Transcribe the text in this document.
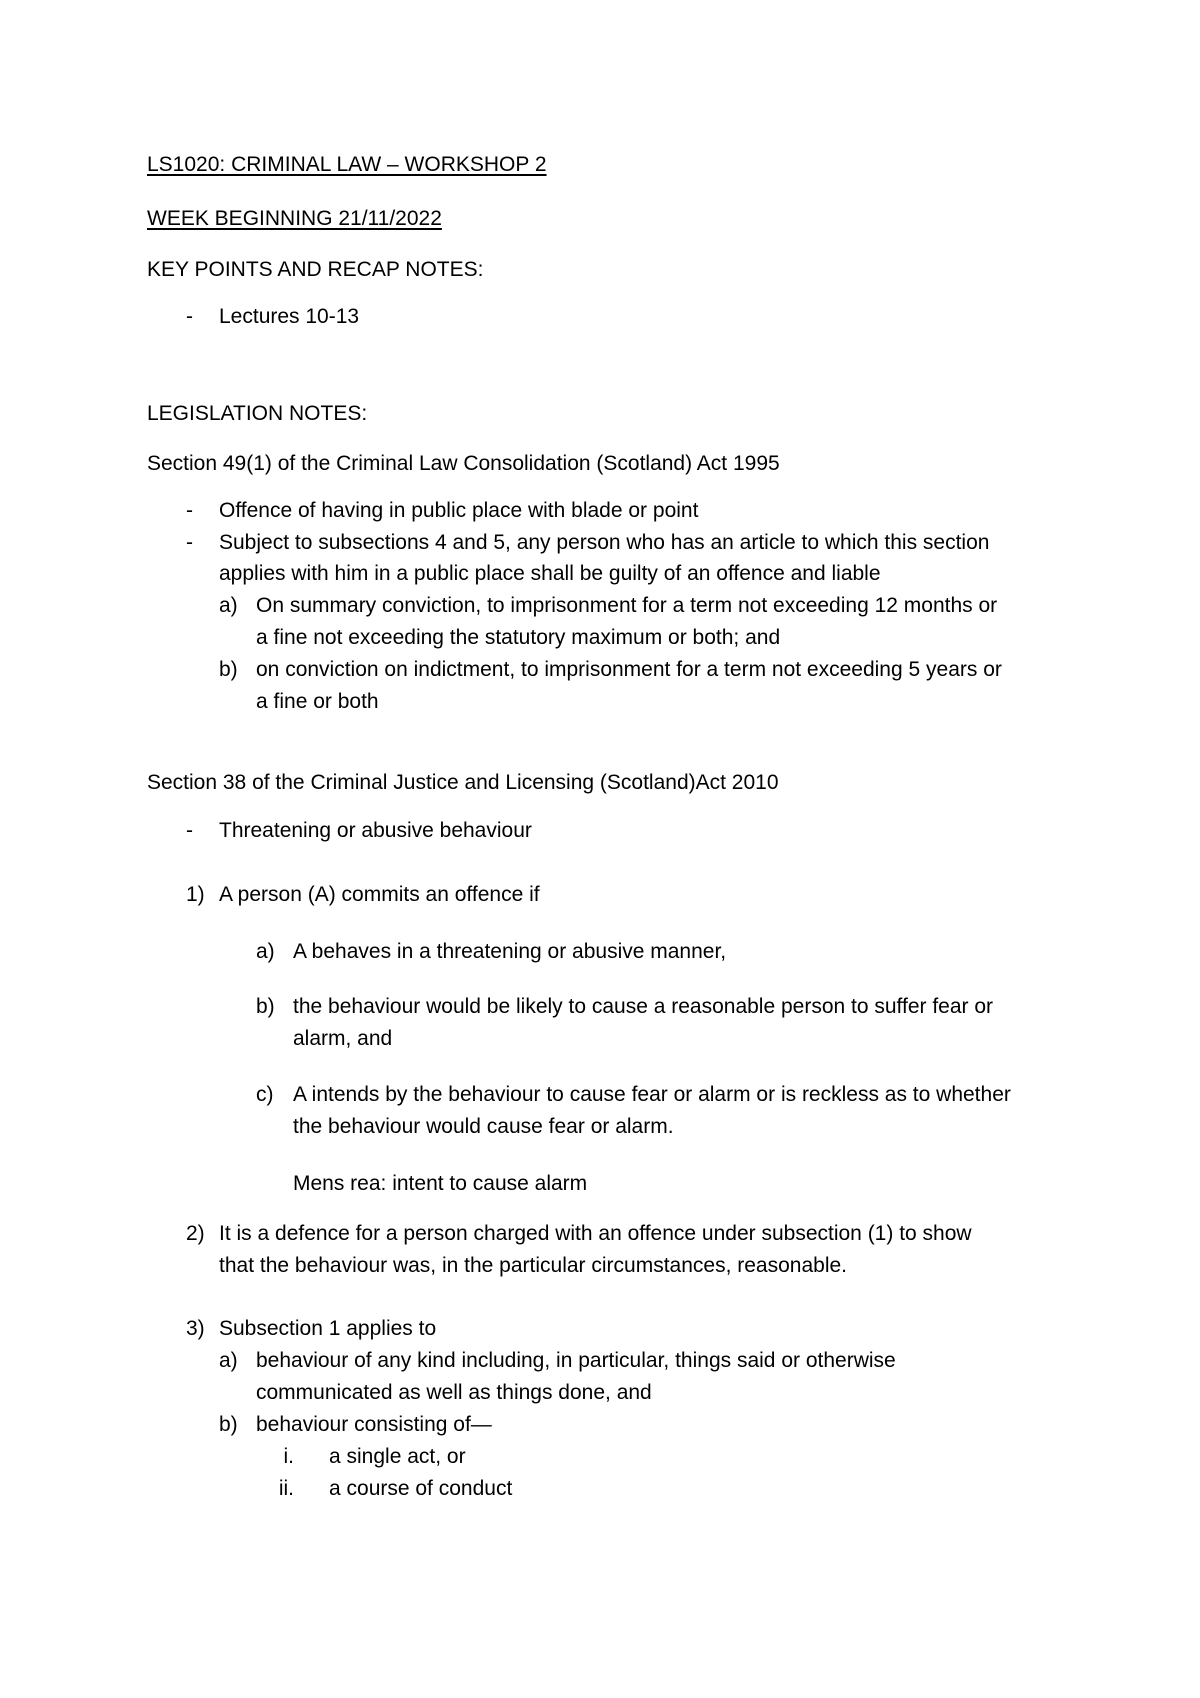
LS1020: CRIMINAL LAW – WORKSHOP 2
WEEK BEGINNING 21/11/2022
KEY POINTS AND RECAP NOTES:
- Lectures 10-13
LEGISLATION NOTES:
Section 49(1) of the Criminal Law Consolidation (Scotland) Act 1995
- Offence of having in public place with blade or point
- Subject to subsections 4 and 5, any person who has an article to which this section
applies with him in a public place shall be guilty of an offence and liable
a) On summary conviction, to imprisonment for a term not exceeding 12 months or
a fine not exceeding the statutory maximum or both; and
b) on conviction on indictment, to imprisonment for a term not exceeding 5 years or
a fine or both
Section 38 of the Criminal Justice and Licensing (Scotland)Act 2010
- Threatening or abusive behaviour
1) A person (A) commits an offence if
a) A behaves in a threatening or abusive manner,
b) the behaviour would be likely to cause a reasonable person to suffer fear or
alarm, and
c) A intends by the behaviour to cause fear or alarm or is reckless as to whether
the behaviour would cause fear or alarm.
Mens rea: intent to cause alarm
2) It is a defence for a person charged with an offence under subsection (1) to show
that the behaviour was, in the particular circumstances, reasonable.
3) Subsection 1 applies to
a) behaviour of any kind including, in particular, things said or otherwise
communicated as well as things done, and
b) behaviour consisting of—
i. a single act, or
ii. a course of conduct
